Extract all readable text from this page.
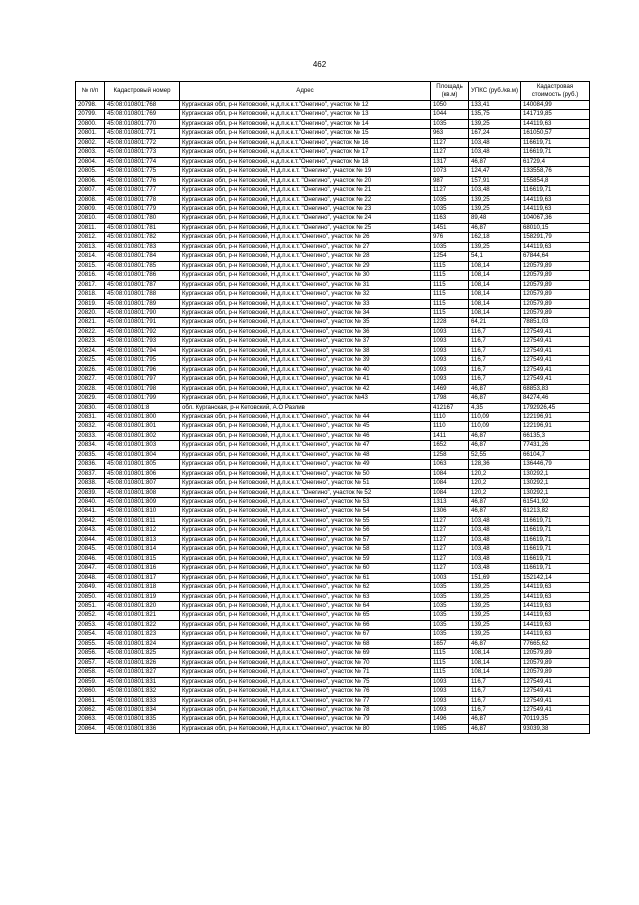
462
№ п/п	Кадастровый номер	Адрес	Площадь (кв.м)	УПКС (руб./кв.м)	Кадастровая стоимость (руб.)
20798.	45:08:010801:768	Курганская обл, р-н Кетовский, н.д.п.к.к.т."Онегино", участок № 12	1050	133,41	140084,99
20799.	45:08:010801:769	Курганская обл, р-н Кетовский, н.д.п.к.к.т."Онегино", участок № 13	1044	135,75	141719,85
20800.	45:08:010801:770	Курганская обл, р-н Кетовский, н.д.п.к.к.т."Онегино", участок № 14	1035	139,25	144119,63
20801.	45:08:010801:771	Курганская обл, р-н Кетовский, н.д.п.к.к.т."Онегино", участок № 15	963	167,24	161050,57
20802.	45:08:010801:772	Курганская обл, р-н Кетовский, н.д.п.к.к.т."Онегино", участок № 16	1127	103,48	116619,71
20803.	45:08:010801:773	Курганская обл, р-н Кетовский, н.д.п.к.к.т."Онегино", участок № 17	1127	103,48	116619,71
20804.	45:08:010801:774	Курганская обл, р-н Кетовский, н.д.п.к.к.т."Онегино", участок № 18	1317	46,87	61729,4
20805.	45:08:010801:775	Курганская обл, р-н Кетовский, Н.д.п.к.к.т. "Онегино", участок № 19	1073	124,47	133558,76
20806.	45:08:010801:776	Курганская обл, р-н Кетовский, Н.д.п.к.к.т. "Онегино", участок № 20	987	157,91	155854,8
20807.	45:08:010801:777	Курганская обл, р-н Кетовский, Н.д.п.к.к.т. "Онегино", участок № 21	1127	103,48	116619,71
20808.	45:08:010801:778	Курганская обл, р-н Кетовский, Н.д.п.к.к.т. "Онегино", участок № 22	1035	139,25	144119,63
20809.	45:08:010801:779	Курганская обл, р-н Кетовский, Н.д.п.к.к.т. "Онегино", участок № 23	1035	139,25	144119,63
20810.	45:08:010801:780	Курганская обл, р-н Кетовский, Н.д.п.к.к.т. "Онегино", участок № 24	1163	89,48	104067,36
20811.	45:08:010801:781	Курганская обл, р-н Кетовский, Н.д.п.к.к.т. "Онегино", участок № 25	1451	46,87	68010,15
20812.	45:08:010801:782	Курганская обл, р-н Кетовский, Н.д.п.к.к.т."Онегино", участок № 26	976	162,18	158291,79
20813.	45:08:010801:783	Курганская обл, р-н Кетовский, Н.д.п.к.к.т."Онегино", участок № 27	1035	139,25	144119,63
20814.	45:08:010801:784	Курганская обл, р-н Кетовский, Н.д.п.к.к.т."Онегино", участок № 28	1254	54,1	67844,64
20815.	45:08:010801:785	Курганская обл, р-н Кетовский, Н.д.п.к.к.т."Онегино", участок № 29	1115	108,14	120579,89
20816.	45:08:010801:786	Курганская обл, р-н Кетовский, Н.д.п.к.к.т."Онегино", участок № 30	1115	108,14	120579,89
20817.	45:08:010801:787	Курганская обл, р-н Кетовский, Н.д.п.к.к.т."Онегино", участок № 31	1115	108,14	120579,89
20818.	45:08:010801:788	Курганская обл, р-н Кетовский, Н.д.п.к.к.т."Онегино", участок № 32	1115	108,14	120579,89
20819.	45:08:010801:789	Курганская обл, р-н Кетовский, Н.д.п.к.к.т."Онегино", участок № 33	1115	108,14	120579,89
20820.	45:08:010801:790	Курганская обл, р-н Кетовский, Н.д.п.к.к.т."Онегино", участок № 34	1115	108,14	120579,89
20821.	45:08:010801:791	Курганская обл, р-н Кетовский, Н.д.п.к.к.т."Онегино", участок № 35	1228	64,21	78851,03
20822.	45:08:010801:792	Курганская обл, р-н Кетовский, Н.д.п.к.к.т."Онегино", участок № 36	1093	116,7	127549,41
20823.	45:08:010801:793	Курганская обл, р-н Кетовский, Н.д.п.к.к.т."Онегино", участок № 37	1093	116,7	127549,41
20824.	45:08:010801:794	Курганская обл, р-н Кетовский, Н.д.п.к.к.т."Онегино", участок № 38	1093	116,7	127549,41
20825.	45:08:010801:795	Курганская обл, р-н Кетовский, Н.д.п.к.к.т."Онегино", участок № 39	1093	116,7	127549,41
20826.	45:08:010801:796	Курганская обл, р-н Кетовский, Н.д.п.к.к.т."Онегино", участок № 40	1093	116,7	127549,41
20827.	45:08:010801:797	Курганская обл, р-н Кетовский, Н.д.п.к.к.т."Онегино", участок № 41	1093	116,7	127549,41
20828.	45:08:010801:798	Курганская обл, р-н Кетовский, Н.д.п.к.к.т."Онегино", участок № 42	1469	46,87	68853,83
20829.	45:08:010801:799	Курганская обл, р-н Кетовский, Н.д.п.к.к.т."Онегино", участок №43	1798	46,87	84274,46
20830.	45:08:010801:8	обл. Курганская, р-н Кетовский, А.О Разлив	412167	4,35	1792926,45
20831.	45:08:010801:800	Курганская обл, р-н Кетовский, Н.д.п.к.к.т."Онегино", участок № 44	1110	110,09	122196,91
20832.	45:08:010801:801	Курганская обл, р-н Кетовский, Н.д.п.к.к.т."Онегино", участок № 45	1110	110,09	122196,91
20833.	45:08:010801:802	Курганская обл, р-н Кетовский, Н.д.п.к.к.т."Онегино", участок № 46	1411	46,87	66135,3
20834.	45:08:010801:803	Курганская обл, р-н Кетовский, Н.д.п.к.к.т."Онегино", участок № 47	1652	46,87	77431,26
20835.	45:08:010801:804	Курганская обл, р-н Кетовский, Н.д.п.к.к.т."Онегино", участок № 48	1258	52,55	66104,7
20836.	45:08:010801:805	Курганская обл, р-н Кетовский, Н.д.п.к.к.т."Онегино", участок № 49	1063	128,36	136446,79
20837.	45:08:010801:806	Курганская обл, р-н Кетовский, Н.д.п.к.к.т."Онегино", участок № 50	1084	120,2	130292,1
20838.	45:08:010801:807	Курганская обл, р-н Кетовский, Н.д.п.к.к.т."Онегино", участок № 51	1084	120,2	130292,1
20839.	45:08:010801:808	Курганская обл, р-н Кетовский, Н.д.п.к.к.т. "Онегино", участок № 52	1084	120,2	130292,1
20840.	45:08:010801:809	Курганская обл, р-н Кетовский, Н.д.п.к.к.т."Онегино", участок № 53	1313	46,87	61541,92
20841.	45:08:010801:810	Курганская обл, р-н Кетовский, Н.д.п.к.к.т."Онегино", участок № 54	1306	46,87	61213,82
20842.	45:08:010801:811	Курганская обл, р-н Кетовский, Н.д.п.к.к.т."Онегино", участок № 55	1127	103,48	116619,71
20843.	45:08:010801:812	Курганская обл, р-н Кетовский, Н.д.п.к.к.т."Онегино", участок № 56	1127	103,48	116619,71
20844.	45:08:010801:813	Курганская обл, р-н Кетовский, Н.д.п.к.к.т."Онегино", участок № 57	1127	103,48	116619,71
20845.	45:08:010801:814	Курганская обл, р-н Кетовский, Н.д.п.к.к.т."Онегино", участок № 58	1127	103,48	116619,71
20846.	45:08:010801:815	Курганская обл, р-н Кетовский, Н.д.п.к.к.т."Онегино", участок № 59	1127	103,48	116619,71
20847.	45:08:010801:816	Курганская обл, р-н Кетовский, Н.д.п.к.к.т."Онегино", участок № 60	1127	103,48	116619,71
20848.	45:08:010801:817	Курганская обл, р-н Кетовский, Н.д.п.к.к.т."Онегино", участок № 61	1003	151,69	152142,14
20849.	45:08:010801:818	Курганская обл, р-н Кетовский, Н.д.п.к.к.т."Онегино", участок № 62	1035	139,25	144119,63
20850.	45:08:010801:819	Курганская обл, р-н Кетовский, Н.д.п.к.к.т."Онегино", участок № 63	1035	139,25	144119,63
20851.	45:08:010801:820	Курганская обл, р-н Кетовский, Н.д.п.к.к.т."Онегино", участок № 64	1035	139,25	144119,63
20852.	45:08:010801:821	Курганская обл, р-н Кетовский, Н.д.п.к.к.т."Онегино", участок № 65	1035	139,25	144119,63
20853.	45:08:010801:822	Курганская обл, р-н Кетовский, Н.д.п.к.к.т."Онегино", участок № 66	1035	139,25	144119,63
20854.	45:08:010801:823	Курганская обл, р-н Кетовский, Н.д.п.к.к.т."Онегино", участок № 67	1035	139,25	144119,63
20855.	45:08:010801:824	Курганская обл, р-н Кетовский, Н.д.п.к.к.т."Онегино", участок № 68	1657	46,87	77665,62
20856.	45:08:010801:825	Курганская обл, р-н Кетовский, Н.д.п.к.к.т."Онегино", участок № 69	1115	108,14	120579,89
20857.	45:08:010801:826	Курганская обл, р-н Кетовский, Н.д.п.к.к.т."Онегино", участок № 70	1115	108,14	120579,89
20858.	45:08:010801:827	Курганская обл, р-н Кетовский, Н.д.п.к.к.т."Онегино", участок № 71	1115	108,14	120579,89
20859.	45:08:010801:831	Курганская обл, р-н Кетовский, Н.д.п.к.к.т."Онегино", участок № 75	1093	116,7	127549,41
20860.	45:08:010801:832	Курганская обл, р-н Кетовский, Н.д.п.к.к.т."Онегино", участок № 76	1093	116,7	127549,41
20861.	45:08:010801:833	Курганская обл, р-н Кетовский, Н.д.п.к.к.т."Онегино", участок № 77	1093	116,7	127549,41
20862.	45:08:010801:834	Курганская обл, р-н Кетовский, Н.д.п.к.к.т."Онегино", участок № 78	1093	116,7	127549,41
20863.	45:08:010801:835	Курганская обл, р-н Кетовский, Н.д.п.к.к.т."Онегино", участок № 79	1496	46,87	70119,35
20864.	45:08:010801:836	Курганская обл, р-н Кетовский, Н.д.п.к.к.т."Онегино", участок № 80	1985	46,87	93039,38
